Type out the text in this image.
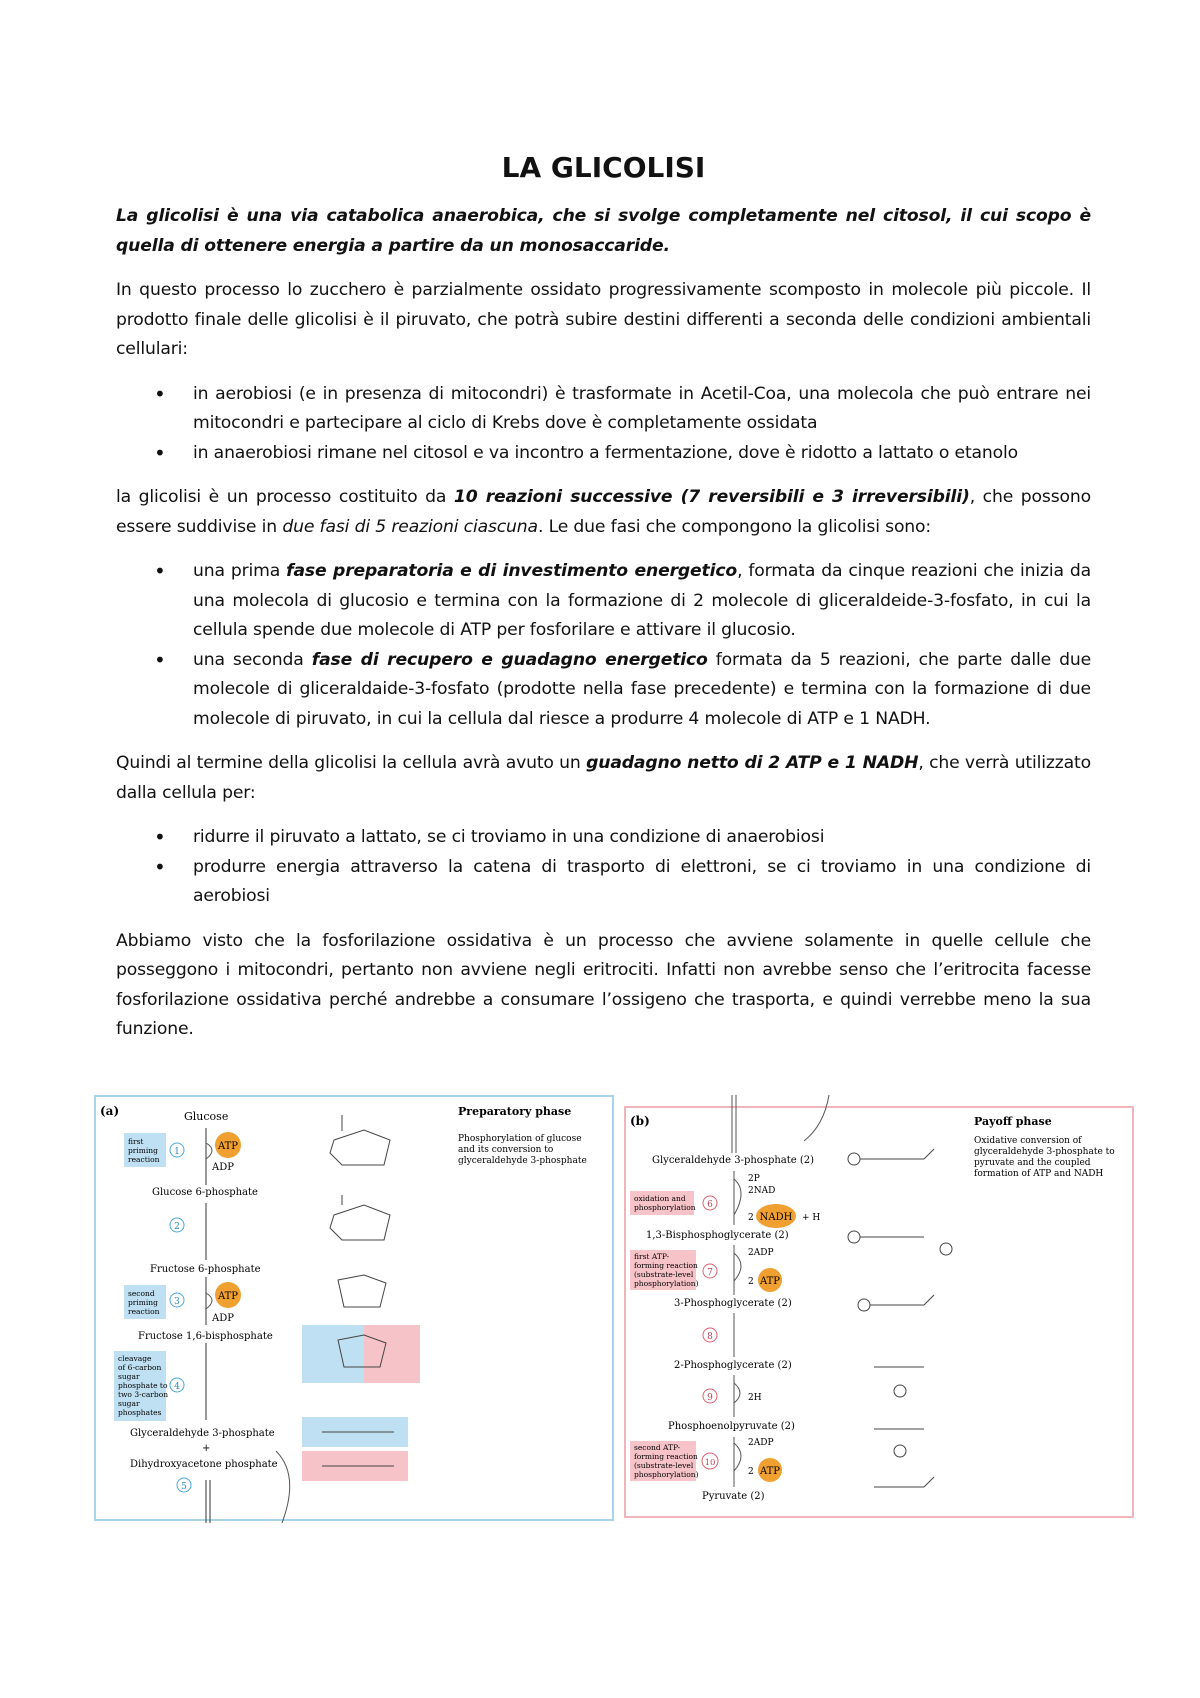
LA GLICOLISI

La glicolisi è una via catabolica anaerobica, che si svolge completamente nel citosol, il cui scopo è quella di ottenere energia a partire da un monosaccaride.

In questo processo lo zucchero è parzialmente ossidato progressivamente scomposto in molecole più piccole. Il prodotto finale delle glicolisi è il piruvato, che potrà subire destini differenti a seconda delle condizioni ambientali cellulari:

• in aerobiosi (e in presenza di mitocondri) è trasformate in Acetil-Coa, una molecola che può entrare nei mitocondri e partecipare al ciclo di Krebs dove è completamente ossidata
• in anaerobiosi rimane nel citosol e va incontro a fermentazione, dove è ridotto a lattato o etanolo

la glicolisi è un processo costituito da 10 reazioni successive (7 reversibili e 3 irreversibili), che possono essere suddivise in due fasi di 5 reazioni ciascuna. Le due fasi che compongono la glicolisi sono:

• una prima fase preparatoria e di investimento energetico, formata da cinque reazioni che inizia da una molecola di glucosio e termina con la formazione di 2 molecole di gliceraldeide-3-fosfato, in cui la cellula spende due molecole di ATP per fosforilare e attivare il glucosio.
• una seconda fase di recupero e guadagno energetico formata da 5 reazioni, che parte dalle due molecole di gliceraldaide-3-fosfato (prodotte nella fase precedente) e termina con la formazione di due molecole di piruvato, in cui la cellula dal riesce a produrre 4 molecole di ATP e 1 NADH.

Quindi al termine della glicolisi la cellula avrà avuto un guadagno netto di 2 ATP e 1 NADH, che verrà utilizzato dalla cellula per:

• ridurre il piruvato a lattato, se ci troviamo in una condizione di anaerobiosi
• produrre energia attraverso la catena di trasporto di elettroni, se ci troviamo in una condizione di aerobiosi

Abbiamo visto che la fosforilazione ossidativa è un processo che avviene solamente in quelle cellule che posseggono i mitocondri, pertanto non avviene negli eritrociti. Infatti non avrebbe senso che l’eritrocita facesse fosforilazione ossidativa perché andrebbe a consumare l’ossigeno che trasporta, e quindi verrebbe meno la sua funzione.

(a)	Glucose	Preparatory phase
Phosphorylation of glucose
and its conversion to
glyceraldehyde 3-phosphate
first
priming
reaction
1	ATP
ADP
Glucose 6-phosphate
2
Fructose 6-phosphate
second
priming
reaction
3	ATP
ADP
Fructose 1,6-bisphosphate
cleavage
of 6-carbon
sugar
phosphate to
two 3-carbon
sugar
phosphates
4
Glyceraldehyde 3-phosphate
+
Dihydroxyacetone phosphate
5
(b)	Payoff phase
Oxidative conversion of
glyceraldehyde 3-phosphate to
pyruvate and the coupled
formation of ATP and NADH
Glyceraldehyde 3-phosphate (2)
oxidation and
phosphorylation 6
2P
2NAD
2 NADH + H
1,3-Bisphosphoglycerate (2)
first ATP-
forming reaction
(substrate-level
phosphorylation)
7
2ADP
2 ATP
3-Phosphoglycerate (2)
8
2-Phosphoglycerate (2)
9	2H
Phosphoenolpyruvate (2)
second ATP-
forming reaction
(substrate-level
phosphorylation)
10
2ADP
2 ATP
Pyruvate (2)
